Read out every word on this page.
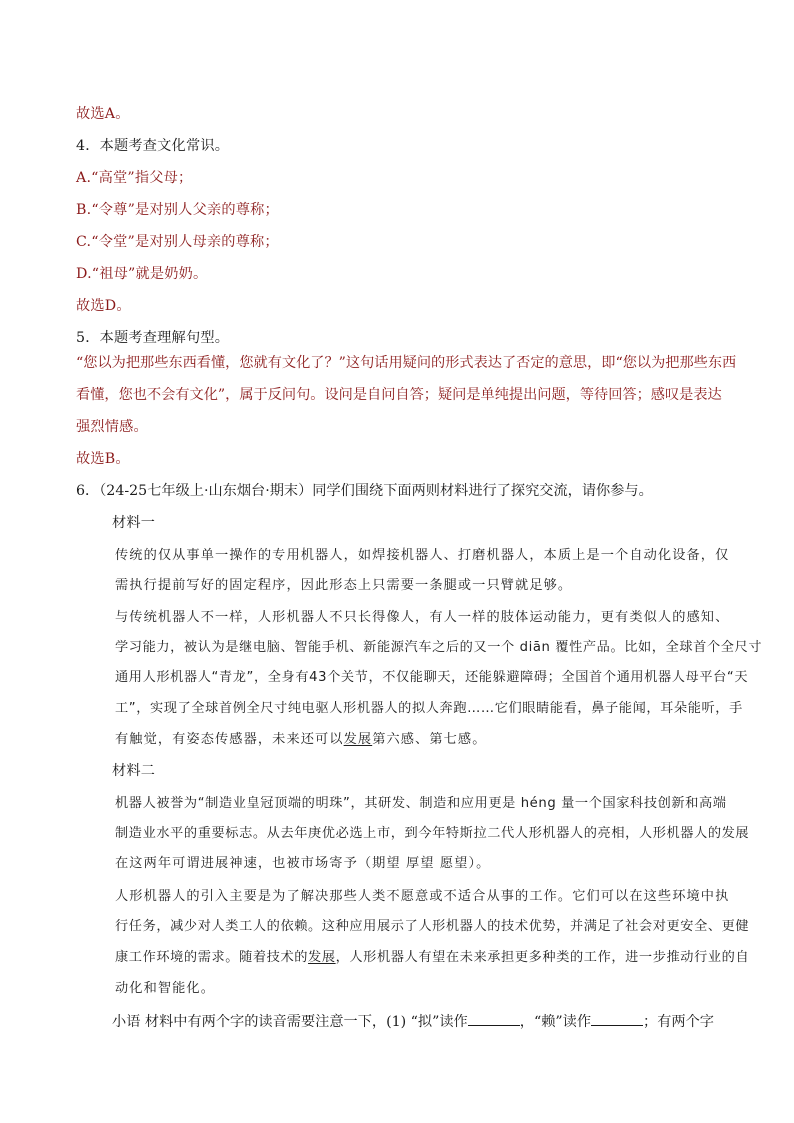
故选A。
4．本题考查文化常识。
A.“高堂”指父母；
B.“令尊”是对别人父亲的尊称；
C.“令堂”是对别人母亲的尊称；
D.“祖母”就是奶奶。
故选D。
5．本题考查理解句型。
“您以为把那些东西看懂，您就有文化了？”这句话用疑问的形式表达了否定的意思，即“您以为把那些东西
看懂，您也不会有文化”，属于反问句。设问是自问自答；疑问是单纯提出问题，等待回答；感叹是表达
强烈情感。
故选B。
6．（24-25七年级上·山东烟台·期末）同学们围绕下面两则材料进行了探究交流，请你参与。
材料一
传统的仅从事单一操作的专用机器人，如焊接机器人、打磨机器人，本质上是一个自动化设备，仅
需执行提前写好的固定程序，因此形态上只需要一条腿或一只臂就足够。
与传统机器人不一样，人形机器人不只长得像人，有人一样的肢体运动能力，更有类似人的感知、
学习能力，被认为是继电脑、智能手机、新能源汽车之后的又一个 diān 覆性产品。比如，全球首个全尺寸
通用人形机器人“青龙”，全身有43个关节，不仅能聊天，还能躲避障碍；全国首个通用机器人母平台“天
工”，实现了全球首例全尺寸纯电驱人形机器人的拟人奔跑……它们眼睛能看，鼻子能闻，耳朵能听，手
有触觉，有姿态传感器，未来还可以发展第六感、第七感。
材料二
机器人被誉为“制造业皇冠顶端的明珠”，其研发、制造和应用更是 héng 量一个国家科技创新和高端
制造业水平的重要标志。从去年庚优必选上市，到今年特斯拉二代人形机器人的亮相，人形机器人的发展
在这两年可谓进展神速，也被市场寄予（期望 厚望 愿望）。
人形机器人的引入主要是为了解决那些人类不愿意或不适合从事的工作。它们可以在这些环境中执
行任务，减少对人类工人的依赖。这种应用展示了人形机器人的技术优势，并满足了社会对更安全、更健
康工作环境的需求。随着技术的发展，人形机器人有望在未来承担更多种类的工作，进一步推动行业的自
动化和智能化。
小语 材料中有两个字的读音需要注意一下，(1) “拟”读作	，“赖”读作	；有两个字
